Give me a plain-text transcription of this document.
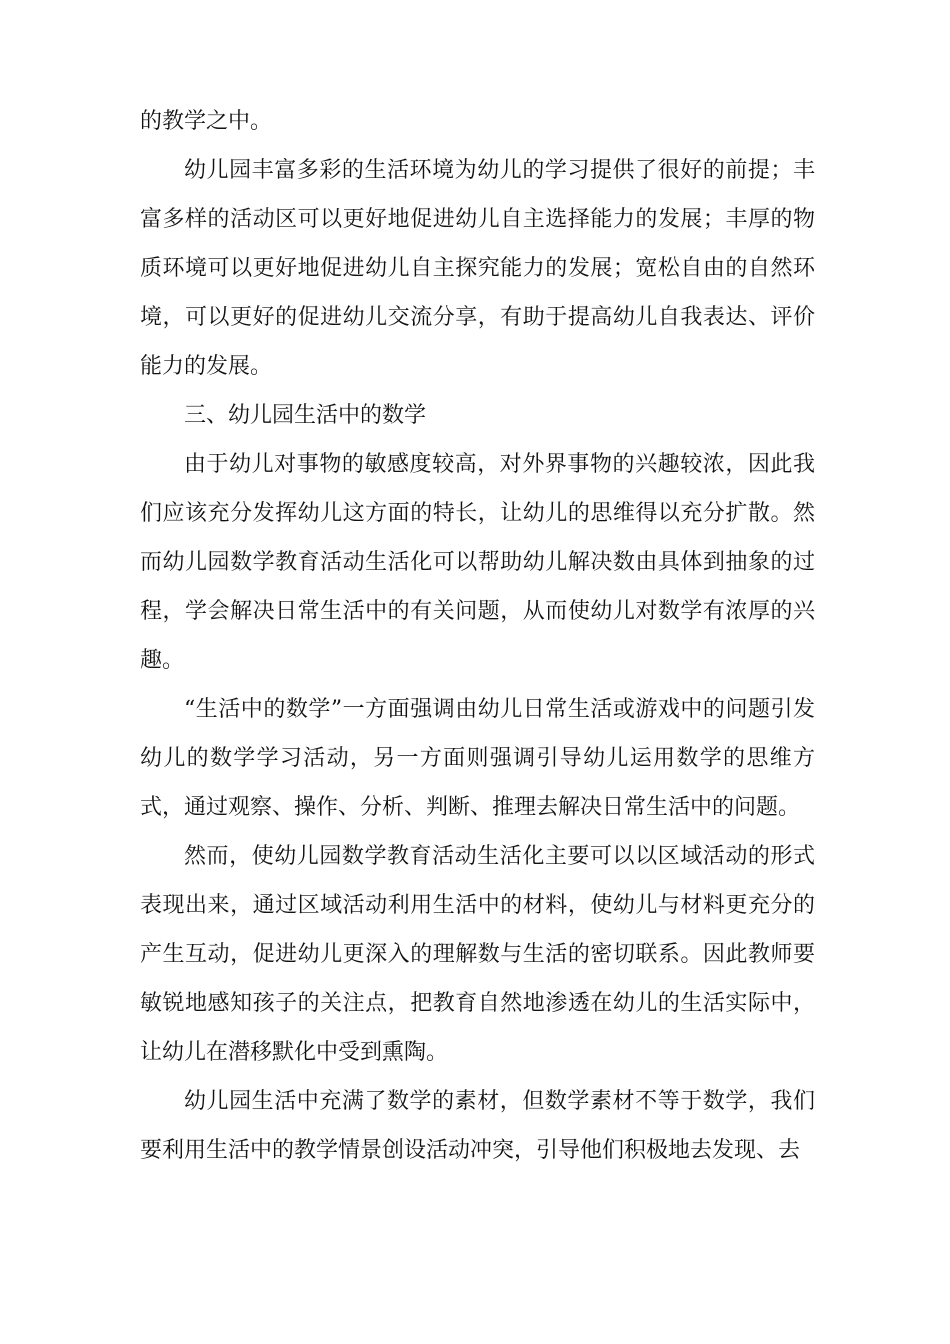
的教学之中。

幼儿园丰富多彩的生活环境为幼儿的学习提供了很好的前提；丰富多样的活动区可以更好地促进幼儿自主选择能力的发展；丰厚的物质环境可以更好地促进幼儿自主探究能力的发展；宽松自由的自然环境，可以更好的促进幼儿交流分享，有助于提高幼儿自我表达、评价能力的发展。

三、幼儿园生活中的数学

由于幼儿对事物的敏感度较高，对外界事物的兴趣较浓，因此我们应该充分发挥幼儿这方面的特长，让幼儿的思维得以充分扩散。然而幼儿园数学教育活动生活化可以帮助幼儿解决数由具体到抽象的过程，学会解决日常生活中的有关问题，从而使幼儿对数学有浓厚的兴趣。

“生活中的数学”一方面强调由幼儿日常生活或游戏中的问题引发幼儿的数学学习活动，另一方面则强调引导幼儿运用数学的思维方式，通过观察、操作、分析、判断、推理去解决日常生活中的问题。

然而，使幼儿园数学教育活动生活化主要可以以区域活动的形式表现出来，通过区域活动利用生活中的材料，使幼儿与材料更充分的产生互动，促进幼儿更深入的理解数与生活的密切联系。因此教师要敏锐地感知孩子的关注点，把教育自然地渗透在幼儿的生活实际中，让幼儿在潜移默化中受到熏陶。

幼儿园生活中充满了数学的素材，但数学素材不等于数学，我们要利用生活中的教学情景创设活动冲突，引导他们积极地去发现、去
